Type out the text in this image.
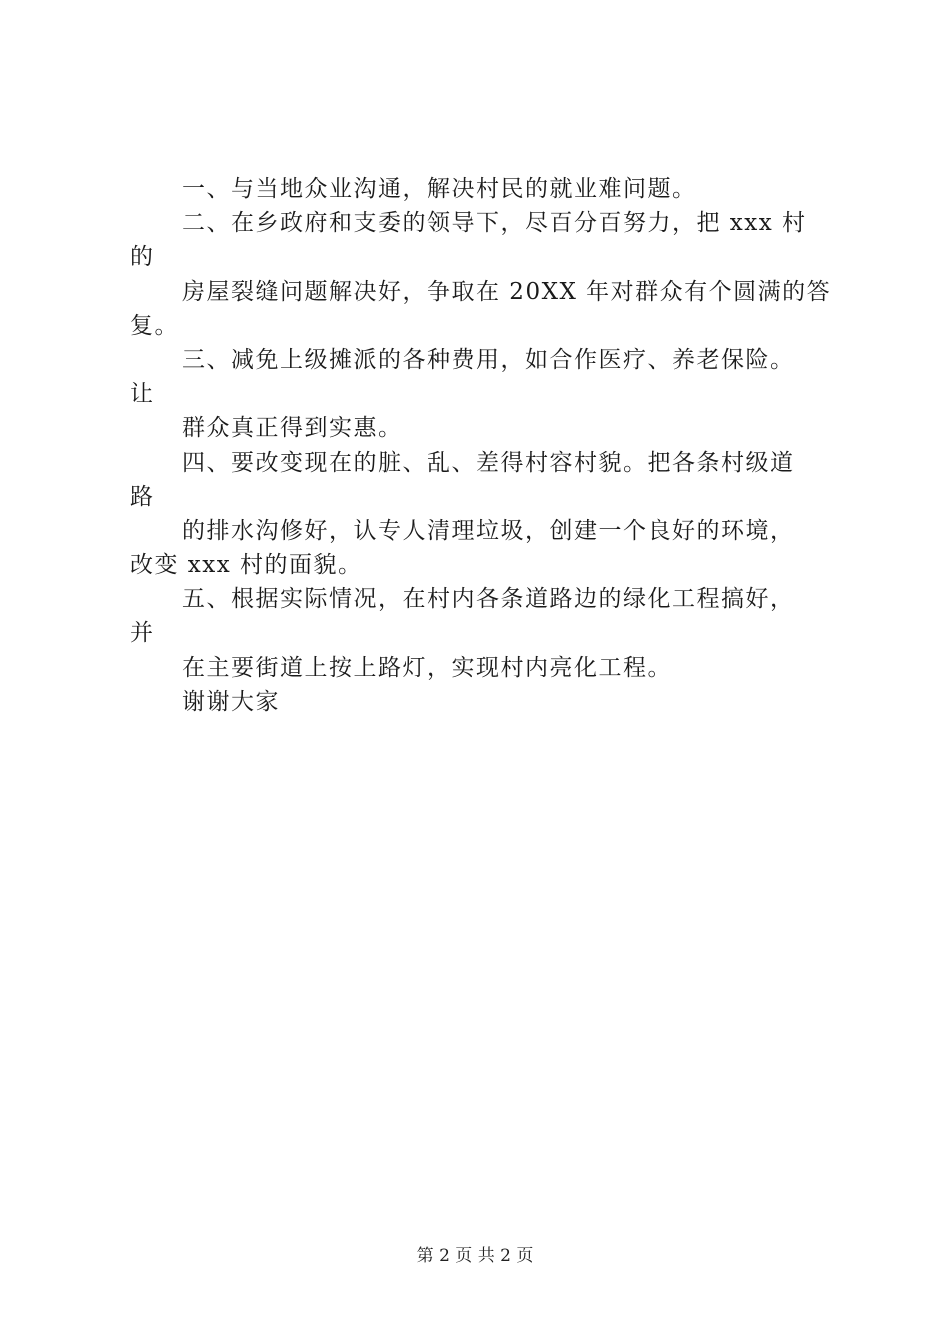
一、与当地众业沟通，解决村民的就业难问题。
二、在乡政府和支委的领导下，尽百分百努力，把 xxx 村
的
房屋裂缝问题解决好，争取在 20XX 年对群众有个圆满的答
复。
三、减免上级摊派的各种费用，如合作医疗、养老保险。
让
群众真正得到实惠。
四、要改变现在的脏、乱、差得村容村貌。把各条村级道
路
的排水沟修好，认专人清理垃圾，创建一个良好的环境，
改变 xxx 村的面貌。
五、根据实际情况，在村内各条道路边的绿化工程搞好，
并
在主要街道上按上路灯，实现村内亮化工程。
谢谢大家
第 2 页 共 2 页
